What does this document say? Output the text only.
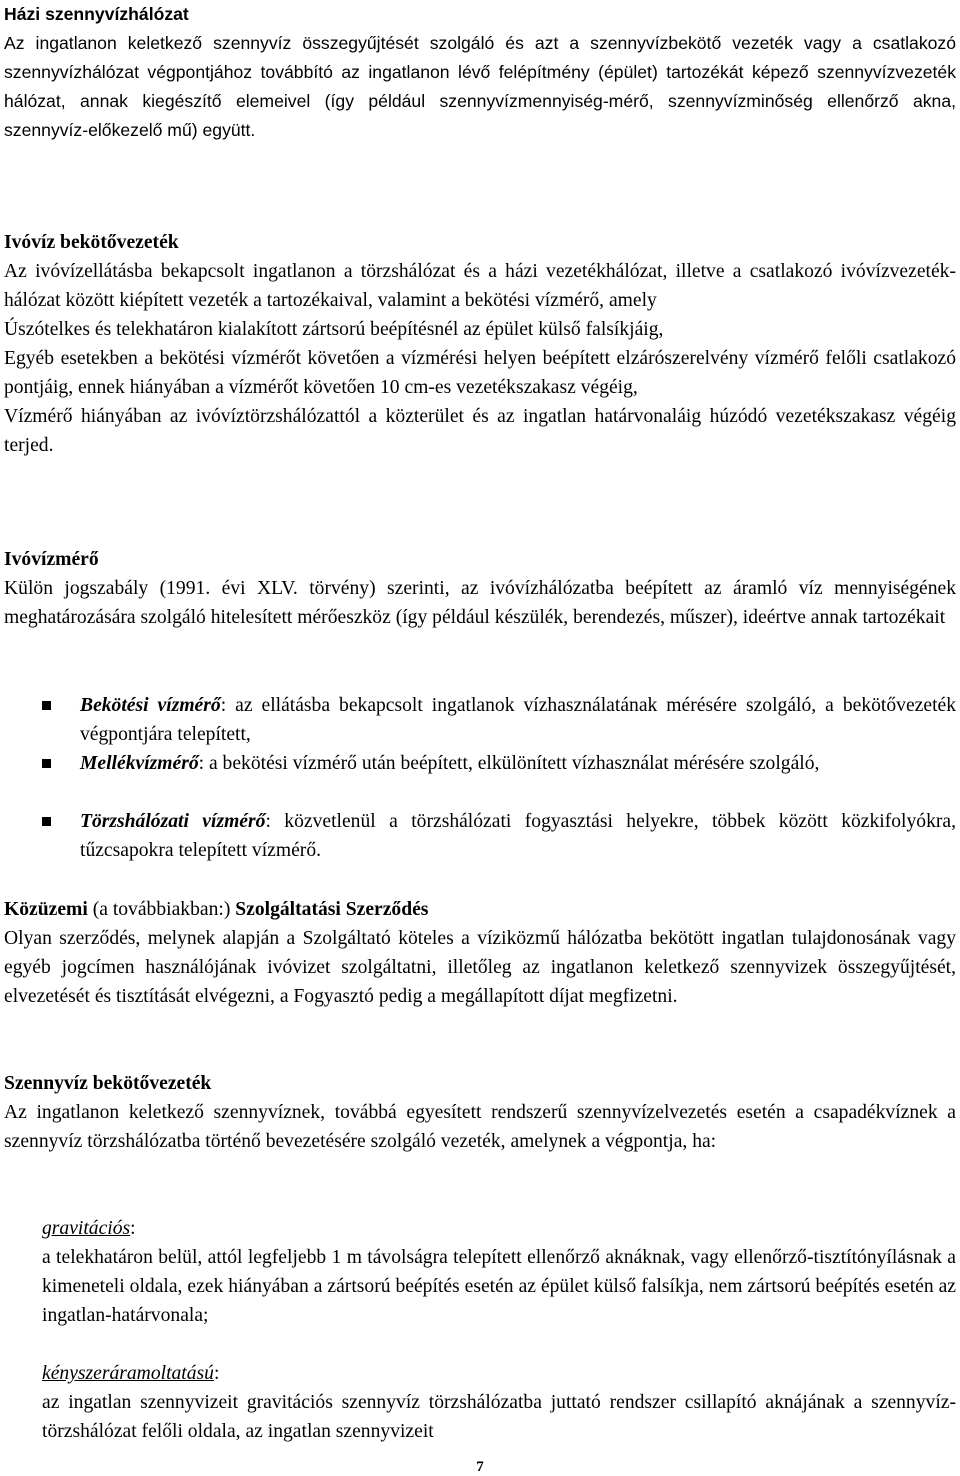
Házi szennyvízhálózat
Az ingatlanon keletkező szennyvíz összegyűjtését szolgáló és azt a szennyvízbekötő vezeték vagy a csatlakozó szennyvízhálózat végpontjához továbbító az ingatlanon lévő felépítmény (épület) tartozékát képező szennyvízvezeték hálózat, annak kiegészítő elemeivel (így például szennyvízmennyiség-mérő, szennyvízminőség ellenőrző akna, szennyvíz-előkezelő mű) együtt.
Ivóvíz bekötővezeték
Az ivóvízellátásba bekapcsolt ingatlanon a törzshálózat és a házi vezetékhálózat, illetve a csatlakozó ivóvízvezeték-hálózat között kiépített vezeték a tartozékaival, valamint a bekötési vízmérő, amely
Úszótelkes és telekhatáron kialakított zártsorú beépítésnél az épület külső falsíkjáig,
Egyéb esetekben a bekötési vízmérőt követően a vízmérési helyen beépített elzárószerelvény vízmérő felőli csatlakozó pontjáig, ennek hiányában a vízmérőt követően 10 cm-es vezetékszakasz végéig,
Vízmérő hiányában az ivóvíztörzshálózattól a közterület és az ingatlan határvonaláig húzódó vezetékszakasz végéig terjed.
Ivóvízmérő
Külön jogszabály (1991. évi XLV. törvény) szerinti, az ivóvízhálózatba beépített az áramló víz mennyiségének meghatározására szolgáló hitelesített mérőeszköz (így például készülék, berendezés, műszer), ideértve annak tartozékait
Bekötési vízmérő: az ellátásba bekapcsolt ingatlanok vízhasználatának mérésére szolgáló, a bekötővezeték végpontjára telepített,
Mellékvízmérő: a bekötési vízmérő után beépített, elkülönített vízhasználat mérésére szolgáló,
Törzshálózati vízmérő: közvetlenül a törzshálózati fogyasztási helyekre, többek között közkifolyókra, tűzcsapokra telepített vízmérő.
Közüzemi (a továbbiakban:) Szolgáltatási Szerződés
Olyan szerződés, melynek alapján a Szolgáltató köteles a víziközmű hálózatba bekötött ingatlan tulajdonosának vagy egyéb jogcímen használójának ivóvizet szolgáltatni, illetőleg az ingatlanon keletkező szennyvizek összegyűjtését, elvezetését és tisztítását elvégezni, a Fogyasztó pedig a megállapított díjat megfizetni.
Szennyvíz bekötővezeték
Az ingatlanon keletkező szennyvíznek, továbbá egyesített rendszerű szennyvízelvezetés esetén a csapadékvíznek a szennyvíz törzshálózatba történő bevezetésére szolgáló vezeték, amelynek a végpontja, ha:
gravitációs:
a telekhatáron belül, attól legfeljebb 1 m távolságra telepített ellenőrző aknáknak, vagy ellenőrző-tisztítónyílásnak a kimeneteli oldala, ezek hiányában a zártsorú beépítés esetén az épület külső falsíkja, nem zártsorú beépítés esetén az ingatlan-határvonala;
kényszeráramoltatású:
az ingatlan szennyvizeit gravitációs szennyvíz törzshálózatba juttató rendszer csillapító aknájának a szennyvíz-törzshálózat felőli oldala, az ingatlan szennyvizeit
7
